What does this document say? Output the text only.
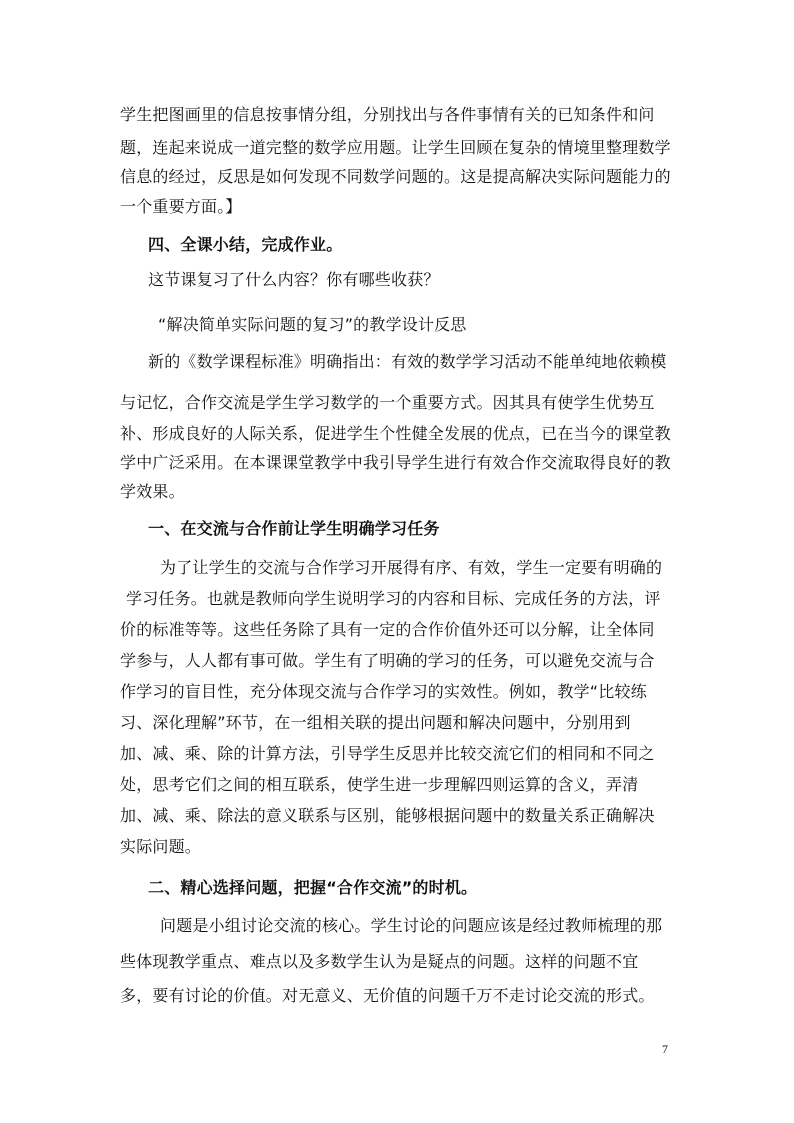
学生把图画里的信息按事情分组，分别找出与各件事情有关的已知条件和问
题，连起来说成一道完整的数学应用题。让学生回顾在复杂的情境里整理数学
信息的经过，反思是如何发现不同数学问题的。这是提高解决实际问题能力的
一个重要方面。】
四、全课小结，完成作业。
这节课复习了什么内容？你有哪些收获？
“解决简单实际问题的复习”的教学设计反思
新的《数学课程标准》明确指出：有效的数学学习活动不能单纯地依赖模
与记忆，合作交流是学生学习数学的一个重要方式。因其具有使学生优势互
补、形成良好的人际关系，促进学生个性健全发展的优点，已在当今的课堂教
学中广泛采用。在本课课堂教学中我引导学生进行有效合作交流取得良好的教
学效果。
一、在交流与合作前让学生明确学习任务
为了让学生的交流与合作学习开展得有序、有效，学生一定要有明确的
学习任务。也就是教师向学生说明学习的内容和目标、完成任务的方法，评
价的标准等等。这些任务除了具有一定的合作价值外还可以分解，让全体同
学参与，人人都有事可做。学生有了明确的学习的任务，可以避免交流与合
作学习的盲目性，充分体现交流与合作学习的实效性。例如，教学“比较练
习、深化理解”环节，在一组相关联的提出问题和解决问题中，分别用到
加、减、乘、除的计算方法，引导学生反思并比较交流它们的相同和不同之
处，思考它们之间的相互联系，使学生进一步理解四则运算的含义，弄清
加、减、乘、除法的意义联系与区别，能够根据问题中的数量关系正确解决
实际问题。
二、精心选择问题，把握“合作交流”的时机。
问题是小组讨论交流的核心。学生讨论的问题应该是经过教师梳理的那
些体现教学重点、难点以及多数学生认为是疑点的问题。这样的问题不宜
多，要有讨论的价值。对无意义、无价值的问题千万不走讨论交流的形式。
7
